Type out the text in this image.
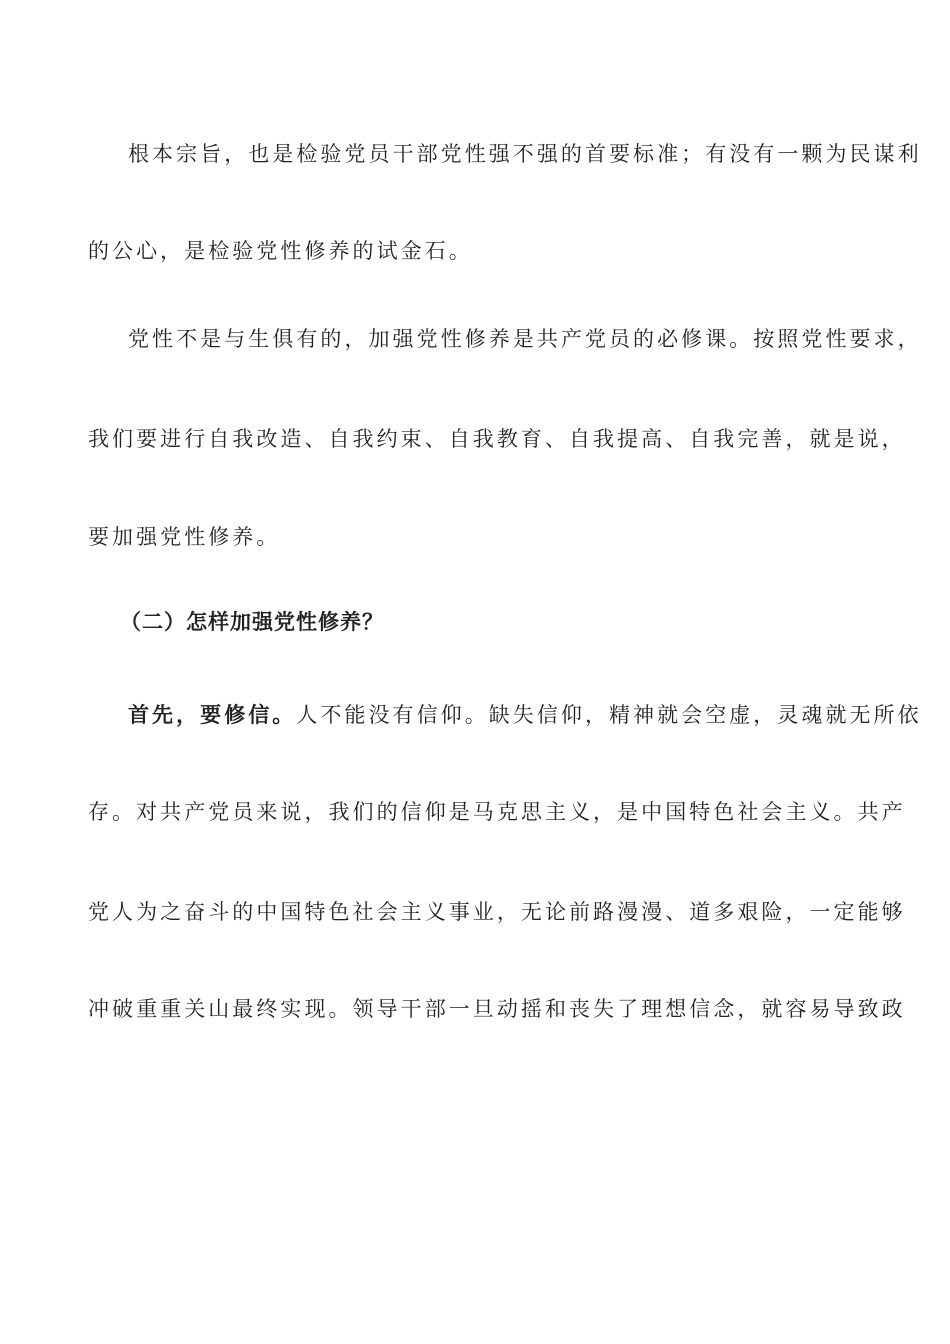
根本宗旨，也是检验党员干部党性强不强的首要标准；有没有一颗为民谋利
的公心，是检验党性修养的试金石。
党性不是与生俱有的，加强党性修养是共产党员的必修课。按照党性要求，
我们要进行自我改造、自我约束、自我教育、自我提高、自我完善，就是说，
要加强党性修养。
（二）怎样加强党性修养？
首先，要修信。人不能没有信仰。缺失信仰，精神就会空虚，灵魂就无所依
存。对共产党员来说，我们的信仰是马克思主义，是中国特色社会主义。共产
党人为之奋斗的中国特色社会主义事业，无论前路漫漫、道多艰险，一定能够
冲破重重关山最终实现。领导干部一旦动摇和丧失了理想信念，就容易导致政
